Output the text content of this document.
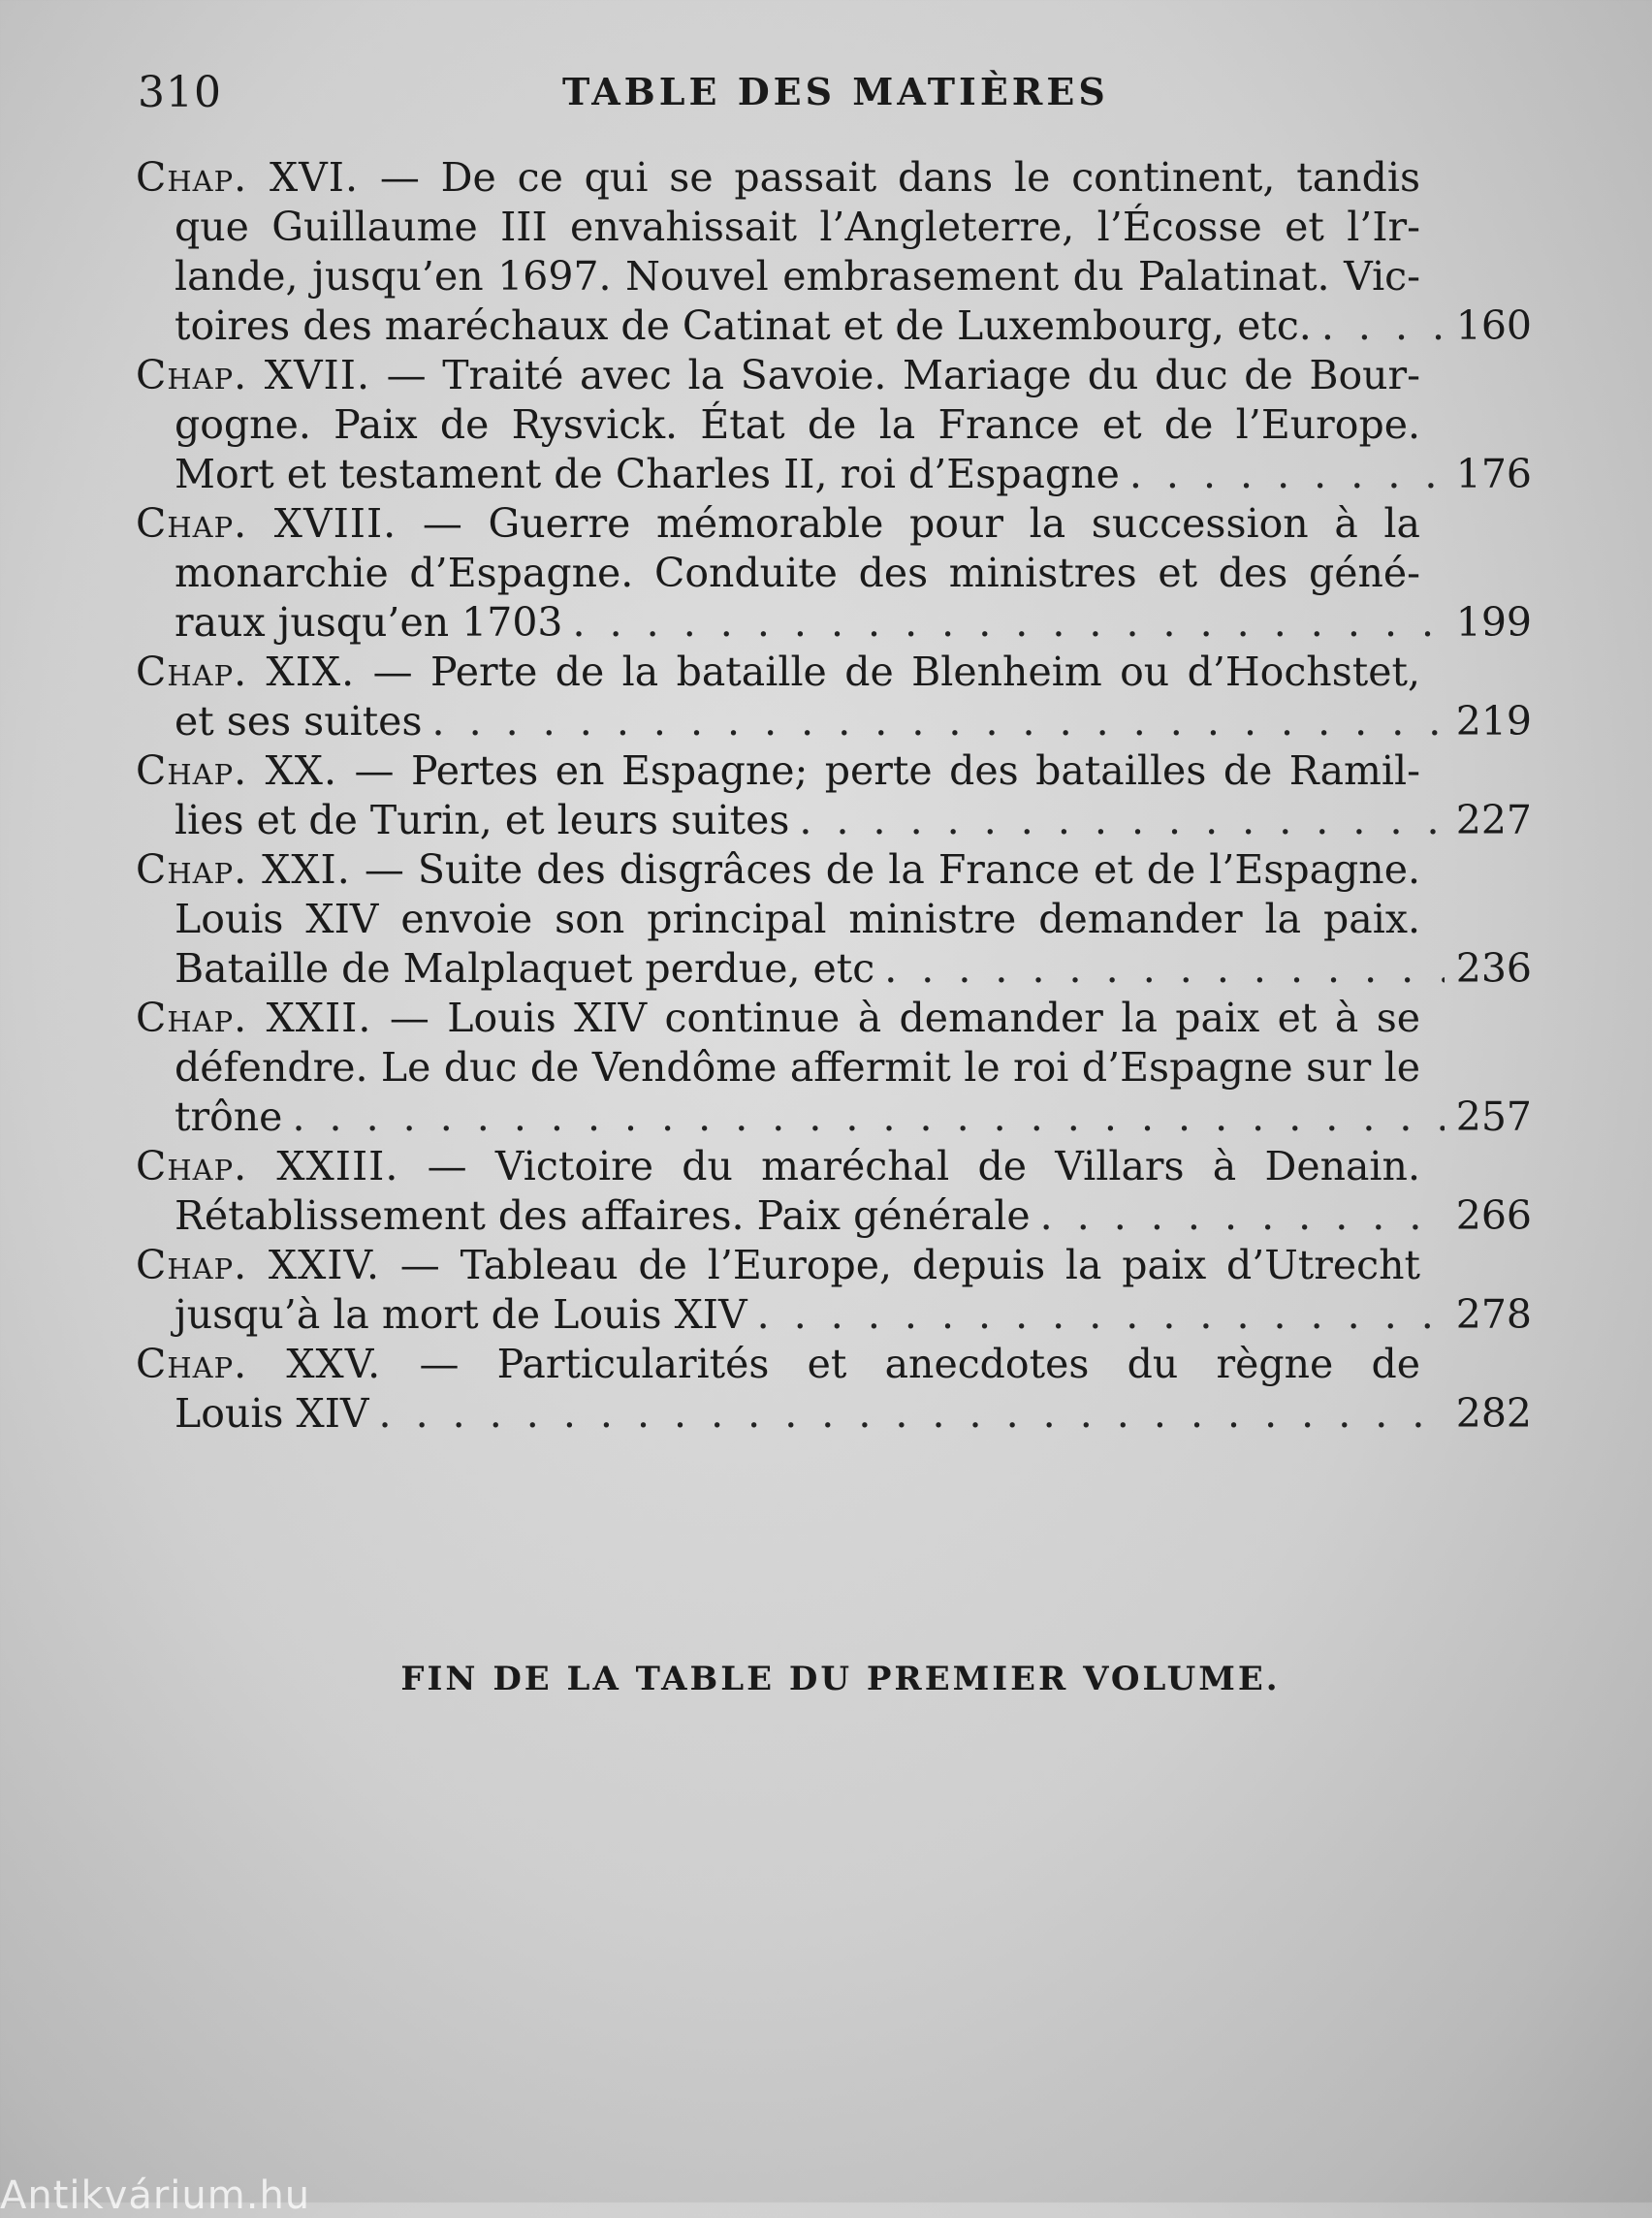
310	TABLE DES MATIÈRES
Chap. XVI. — De ce qui se passait dans le continent, tandis
que Guillaume III envahissait l’Angleterre, l’Écosse et l’Ir-
lande, jusqu’en 1697. Nouvel embrasement du Palatinat. Vic-
toires des maréchaux de Catinat et de Luxembourg, etc. . . .	160
Chap. XVII. — Traité avec la Savoie. Mariage du duc de Bour-
gogne. Paix de Rysvick. État de la France et de l’Europe.
Mort et testament de Charles II, roi d’Espagne . . .	176
Chap. XVIII. — Guerre mémorable pour la succession à la
monarchie d’Espagne. Conduite des ministres et des géné-
raux jusqu’en 1703 . . .	199
Chap. XIX. — Perte de la bataille de Blenheim ou d’Hochstet,
et ses suites . . .	219
Chap. XX. — Pertes en Espagne; perte des batailles de Ramil-
lies et de Turin, et leurs suites . . .	227
Chap. XXI. — Suite des disgrâces de la France et de l’Espagne.
Louis XIV envoie son principal ministre demander la paix.
Bataille de Malplaquet perdue, etc . . .	236
Chap. XXII. — Louis XIV continue à demander la paix et à se
défendre. Le duc de Vendôme affermit le roi d’Espagne sur le
trône . . .	257
Chap. XXIII. — Victoire du maréchal de Villars à Denain.
Rétablissement des affaires. Paix générale . . .	266
Chap. XXIV. — Tableau de l’Europe, depuis la paix d’Utrecht
jusqu’à la mort de Louis XIV . . .	278
Chap. XXV. — Particularités et anecdotes du règne de
Louis XIV . . .	282
FIN DE LA TABLE DU PREMIER VOLUME.
Antikvárium.hu
